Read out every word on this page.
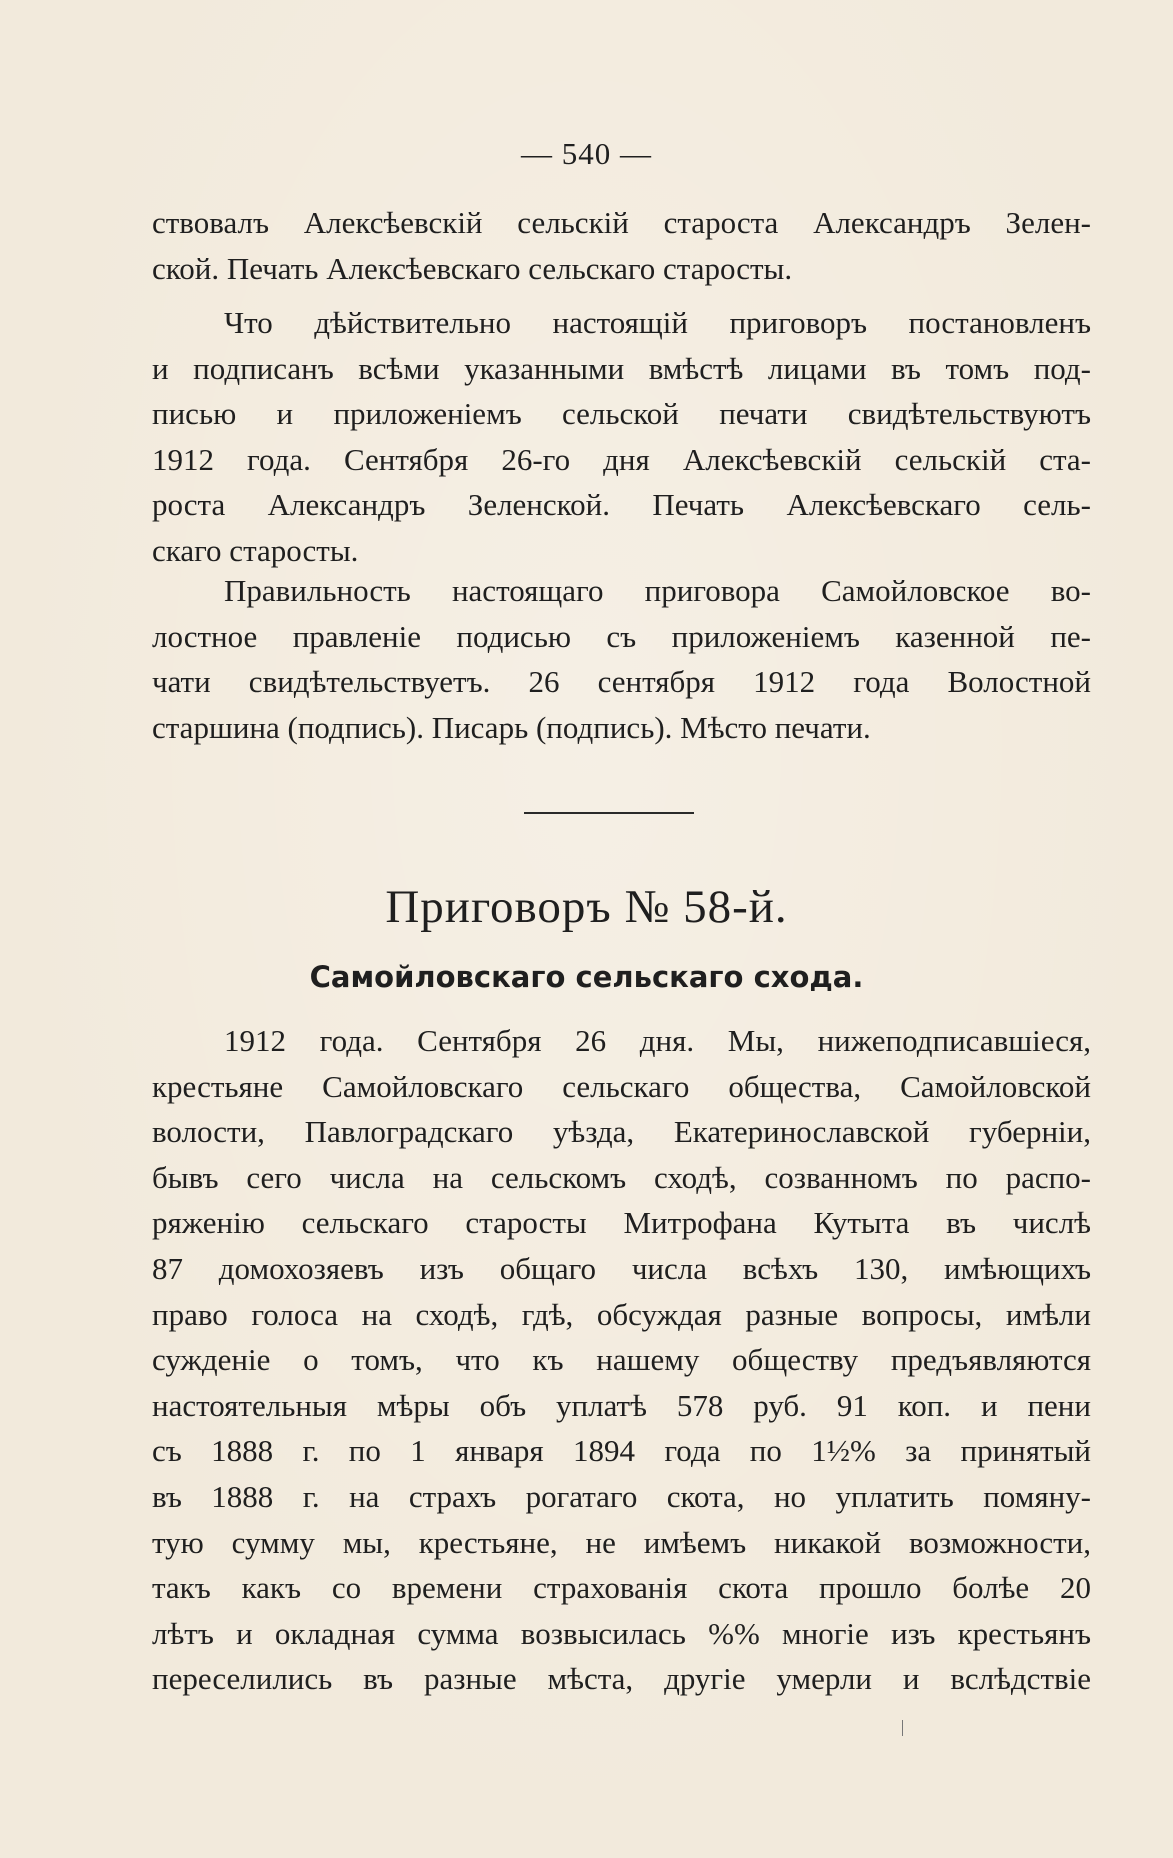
— 540 —
ствовалъ Алексѣевскій сельскій староста Александръ Зелен-
ской. Печать Алексѣевскаго сельскаго старосты.
Что дѣйствительно настоящій приговоръ постановленъ
и подписанъ всѣми указанными вмѣстѣ лицами въ томъ под-
писью и приложеніемъ сельской печати свидѣтельствуютъ
1912 года. Сентября 26-го дня Алексѣевскій сельскій ста-
роста Александръ Зеленской. Печать Алексѣевскаго сель-
скаго старосты.
Правильность настоящаго приговора Самойловское во-
лостное правленіе подисью съ приложеніемъ казенной пе-
чати свидѣтельствуетъ. 26 сентября 1912 года Волостной
старшина (подпись). Писарь (подпись). Мѣсто печати.
Приговоръ № 58-й.
Самойловскаго сельскаго схода.
1912 года. Сентября 26 дня. Мы, нижеподписавшіеся,
крестьяне Самойловскаго сельскаго общества, Самойловской
волости, Павлоградскаго уѣзда, Екатеринославской губерніи,
бывъ сего числа на сельскомъ сходѣ, созванномъ по распо-
ряженію сельскаго старосты Митрофана Кутыта въ числѣ
87 домохозяевъ изъ общаго числа всѣхъ 130, имѣющихъ
право голоса на сходѣ, гдѣ, обсуждая разные вопросы, имѣли
сужденіе о томъ, что къ нашему обществу предъявляются
настоятельныя мѣры объ уплатѣ 578 руб. 91 коп. и пени
съ 1888 г. по 1 января 1894 года по 1½% за принятый
въ 1888 г. на страхъ рогатаго скота, но уплатить помяну-
тую сумму мы, крестьяне, не имѣемъ никакой возможности,
такъ какъ со времени страхованія скота прошло болѣе 20
лѣтъ и окладная сумма возвысилась %% многіе изъ крестьянъ
переселились въ разные мѣста, другіе умерли и вслѣдствіе
